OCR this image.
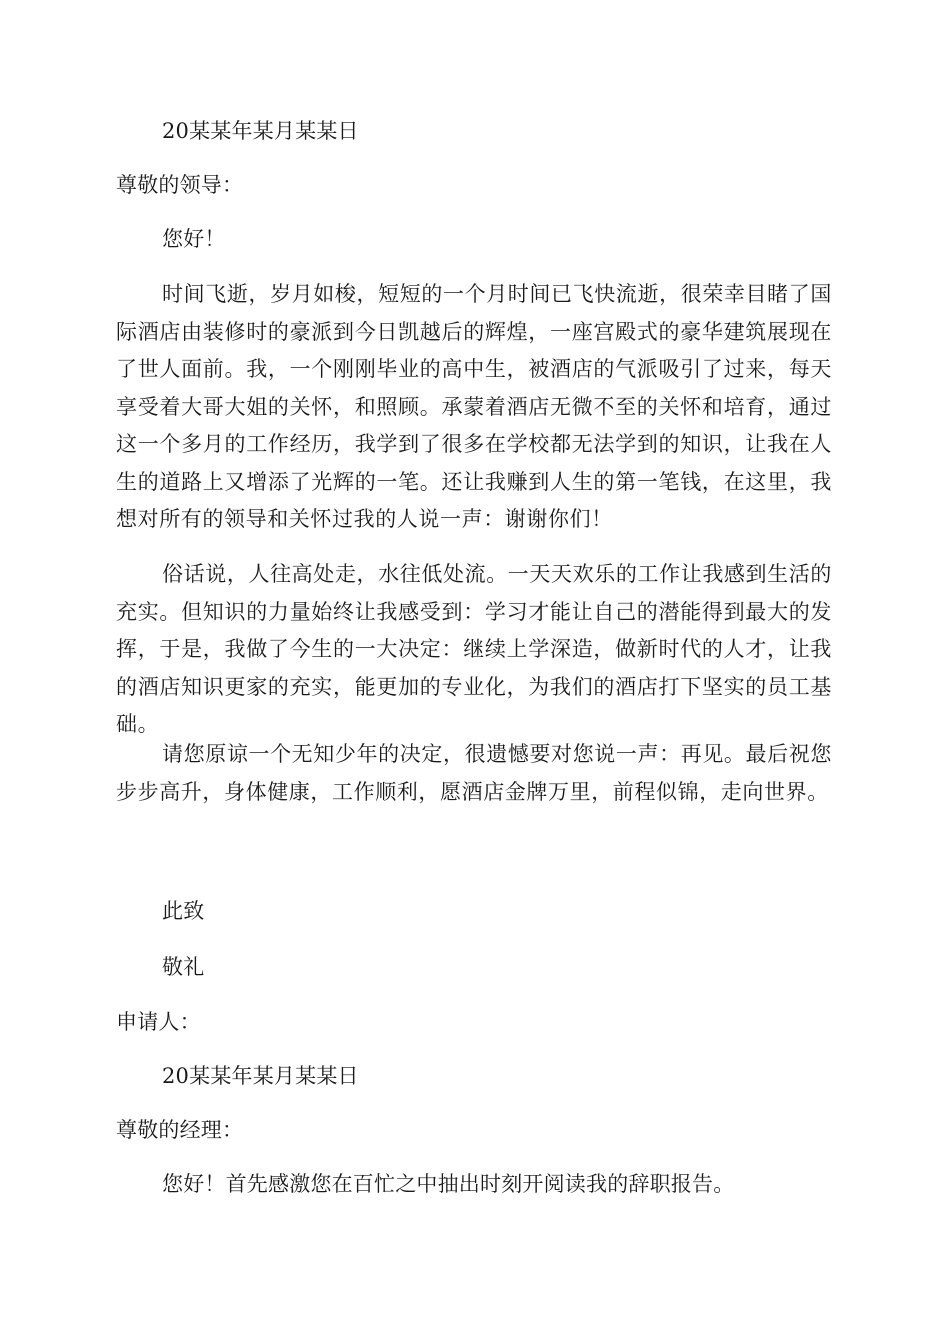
20某某年某月某某日
尊敬的领导：
您好！
时间飞逝，岁月如梭，短短的一个月时间已飞快流逝，很荣幸目睹了国际酒店由装修时的豪派到今日凯越后的辉煌，一座宫殿式的豪华建筑展现在了世人面前。我，一个刚刚毕业的高中生，被酒店的气派吸引了过来，每天享受着大哥大姐的关怀，和照顾。承蒙着酒店无微不至的关怀和培育，通过这一个多月的工作经历，我学到了很多在学校都无法学到的知识，让我在人生的道路上又增添了光辉的一笔。还让我赚到人生的第一笔钱，在这里，我想对所有的领导和关怀过我的人说一声：谢谢你们！
俗话说，人往高处走，水往低处流。一天天欢乐的工作让我感到生活的充实。但知识的力量始终让我感受到：学习才能让自己的潜能得到最大的发挥，于是，我做了今生的一大决定：继续上学深造，做新时代的人才，让我的酒店知识更家的充实，能更加的专业化，为我们的酒店打下坚实的员工基础。
请您原谅一个无知少年的决定，很遗憾要对您说一声：再见。最后祝您步步高升，身体健康，工作顺利，愿酒店金牌万里，前程似锦，走向世界。
此致
敬礼
申请人：
20某某年某月某某日
尊敬的经理：
您好！首先感激您在百忙之中抽出时刻开阅读我的辞职报告。
